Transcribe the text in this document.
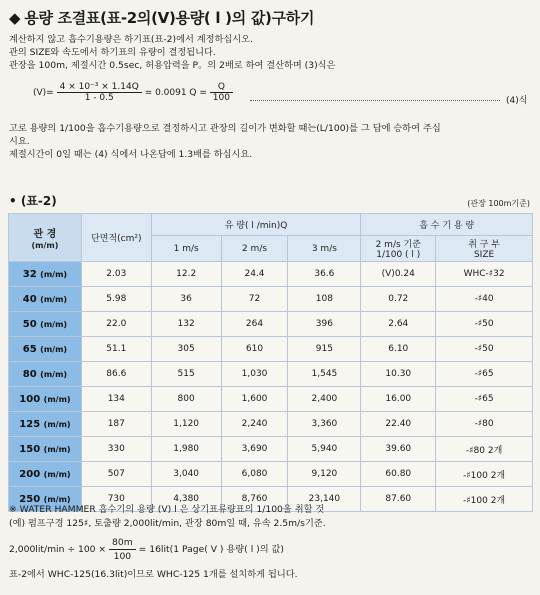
◆ 용량 조결표(표-2의(V)용량( l )의 값)구하기
계산하지 않고 흡수기용량은 하기표(표-2)에서 계정하십시오.
관의 SIZE와 속도에서 하기표의 유량이 결정됩니다.
관장을 100m, 제절시간 0.5sec, 허용압력을 P。의 2배로 하여 결산하며 (3)식은
$(V)= \frac{\text{4 × 10⁻³ × 1.14Q}}{1 - 0.5} = 0.0091$ $Q = \frac{Q}{100}$	(4)식
고로 용량의 1/100을 흡수기용량으로 결정하시고 관장의 길이가 변화할 때는(L/100)를 그 답에 승하여 주십
시요.
제절시간이 0일 때는 (4) 식에서 나온답에 1.3배를 하십시요.
• (표-2)	(관장 100m기준)
관 경
(m/m)	단면적(cm²)	유 량( l /min)Q			흡 수 기 용 량	
		1 m/s	2 m/s	3 m/s	2 m/s 기준
1/100 ( l )	취 구 부
SIZE
32 (m/m)	2.03	12.2	24.4	36.6	(V)0.24	WHC-♯32
40 (m/m)	5.98	36	72	108	0.72	-♯40
50 (m/m)	22.0	132	264	396	2.64	-♯50
65 (m/m)	51.1	305	610	915	6.10	-♯50
80 (m/m)	86.6	515	1,030	1,545	10.30	-♯65
100 (m/m)	134	800	1,600	2,400	16.00	-♯65
125 (m/m)	187	1,120	2,240	3,360	22.40	-♯80
150 (m/m)	330	1,980	3,690	5,940	39.60	-♯80 2개
200 (m/m)	507	3,040	6,080	9,120	60.80	-♯100 2개
250 (m/m)	730	4,380	8,760	23,140	87.60	-♯100 2개
※ WATER HAMMER 흡수기의 용량 (V) l 은 상기표류량표의 1/100을 취할 것
(예) 펌프구경 125♯, 토출량 2,000lit/min, 관장 80m일 때, 유속 2.5m/s기준.
$2,000lit/\min \div 100 \times \frac{80m}{100} = 16lit(1$ Page( V ) 용량( l )의 값)
표-2에서 WHC-125(16.3lit)이므로 WHC-125 1개를 설치하게 됩니다.
